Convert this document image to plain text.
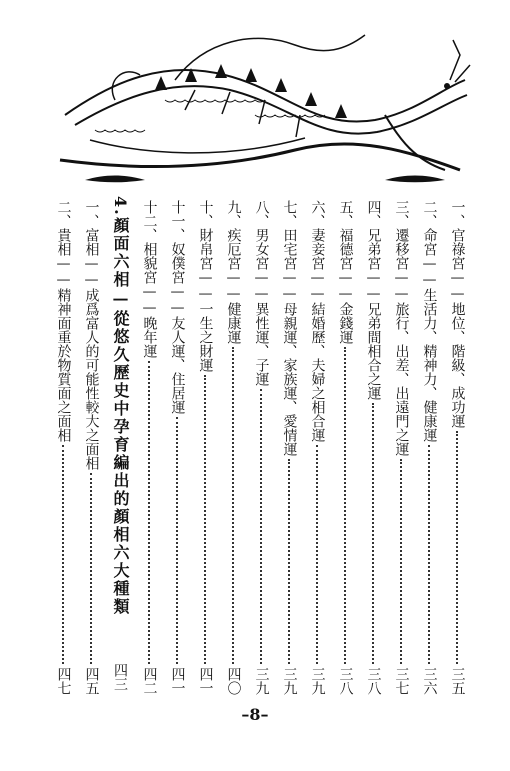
一、官祿宮——地位、階級、成功運
三五
二、命宮——生活力、精神力、健康運
三六
三、遷移宮——旅行、出差、出遠門之運
三七
四、兄弟宮——兄弟間相合之運
三八
五、福德宮——金錢運
三八
六、妻妾宮——結婚歷、夫婦之相合運
三九
七、田宅宮——母親運、家族運、愛情運
三九
八、男女宮——異性運、子運
三九
九、疾厄宮——健康運
四〇
十、財帛宮——一生之財運
四一
十一、奴僕宮——友人運、住居運
四一
十二、相貌宮——晚年運
四二
4.
顏面六相—從悠久歷史中孕育編出的顏相六大種類
四三
一、富相——成爲富人的可能性較大之面相
四五
二、貴相——精神面重於物質面之面相
四七
–8–
